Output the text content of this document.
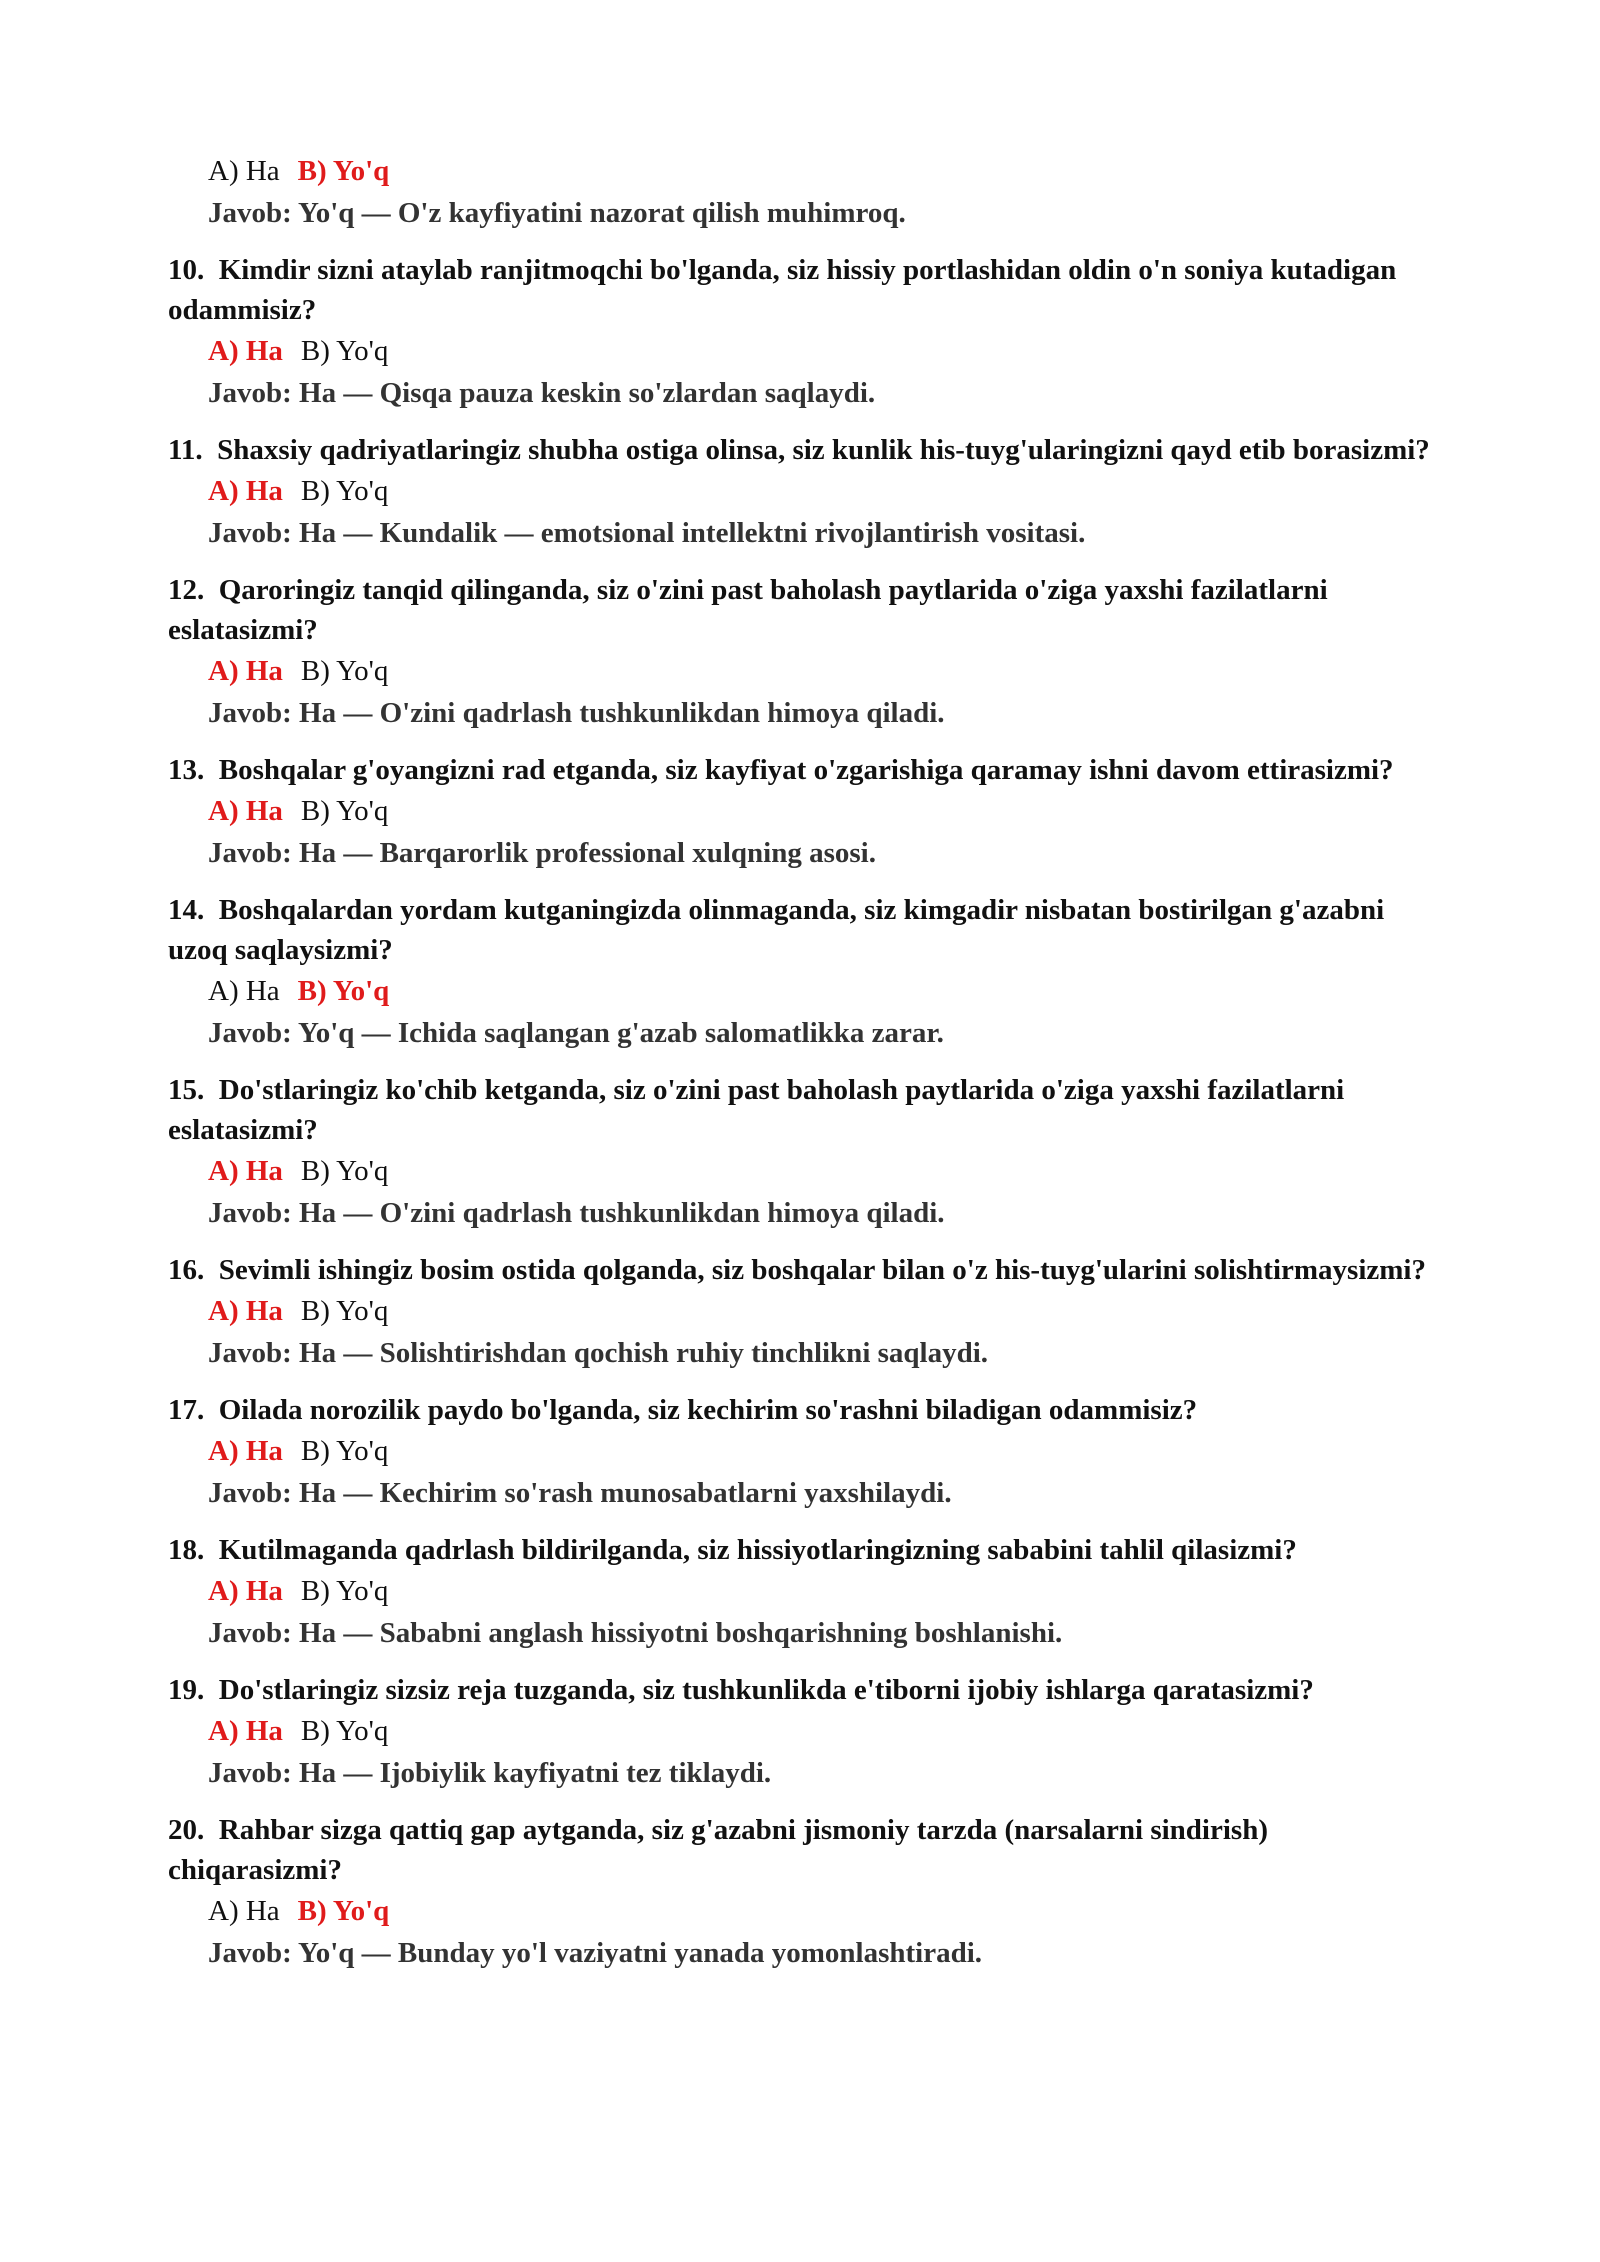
A) Ha B) Yo'q
Javob: Yo'q — O'z kayfiyatini nazorat qilish muhimroq.
10. Kimdir sizni ataylab ranjitmoqchi bo'lganda, siz hissiy portlashidan oldin o'n soniya kutadigan odammisiz?
A) Ha B) Yo'q
Javob: Ha — Qisqa pauza keskin so'zlardan saqlaydi.
11. Shaxsiy qadriyatlaringiz shubha ostiga olinsa, siz kunlik his-tuyg'ularingizni qayd etib borasizmi?
A) Ha B) Yo'q
Javob: Ha — Kundalik — emotsional intellektni rivojlantirish vositasi.
12. Qaroringiz tanqid qilinganda, siz o'zini past baholash paytlarida o'ziga yaxshi fazilatlarni eslatasizmi?
A) Ha B) Yo'q
Javob: Ha — O'zini qadrlash tushkunlikdan himoya qiladi.
13. Boshqalar g'oyangizni rad etganda, siz kayfiyat o'zgarishiga qaramay ishni davom ettirasizmi?
A) Ha B) Yo'q
Javob: Ha — Barqarorlik professional xulqning asosi.
14. Boshqalardan yordam kutganingizda olinmaganda, siz kimgadir nisbatan bostirilgan g'azabni uzoq saqlaysizmi?
A) Ha B) Yo'q
Javob: Yo'q — Ichida saqlangan g'azab salomatlikka zarar.
15. Do'stlaringiz ko'chib ketganda, siz o'zini past baholash paytlarida o'ziga yaxshi fazilatlarni eslatasizmi?
A) Ha B) Yo'q
Javob: Ha — O'zini qadrlash tushkunlikdan himoya qiladi.
16. Sevimli ishingiz bosim ostida qolganda, siz boshqalar bilan o'z his-tuyg'ularini solishtirmaysizmi?
A) Ha B) Yo'q
Javob: Ha — Solishtirishdan qochish ruhiy tinchlikni saqlaydi.
17. Oilada norozilik paydo bo'lganda, siz kechirim so'rashni biladigan odammisiz?
A) Ha B) Yo'q
Javob: Ha — Kechirim so'rash munosabatlarni yaxshilaydi.
18. Kutilmaganda qadrlash bildirilganda, siz hissiyotlaringizning sababini tahlil qilasizmi?
A) Ha B) Yo'q
Javob: Ha — Sababni anglash hissiyotni boshqarishning boshlanishi.
19. Do'stlaringiz sizsiz reja tuzganda, siz tushkunlikda e'tiborni ijobiy ishlarga qaratasizmi?
A) Ha B) Yo'q
Javob: Ha — Ijobiylik kayfiyatni tez tiklaydi.
20. Rahbar sizga qattiq gap aytganda, siz g'azabni jismoniy tarzda (narsalarni sindirish) chiqarasizmi?
A) Ha B) Yo'q
Javob: Yo'q — Bunday yo'l vaziyatni yanada yomonlashtiradi.
